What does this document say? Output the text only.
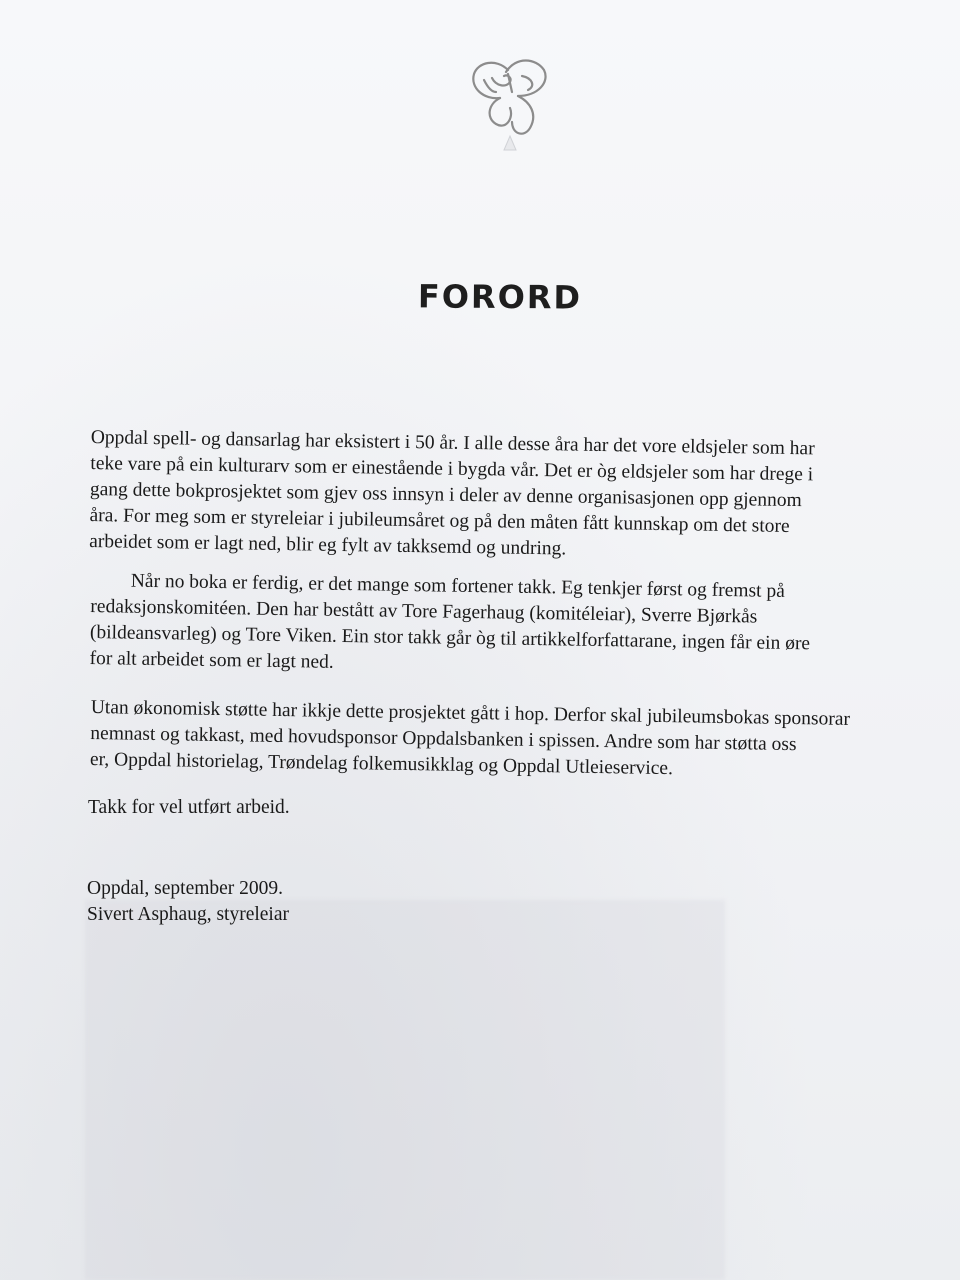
FORORD

Oppdal spell- og dansarlag har eksistert i 50 år. I alle desse åra har det vore eldsjeler som har

teke vare på ein kulturarv som er einestående i bygda vår. Det er òg eldsjeler som har drege i

gang dette bokprosjektet som gjev oss innsyn i deler av denne organisasjonen opp gjennom

åra. For meg som er styreleiar i jubileumsåret og på den måten fått kunnskap om det store

arbeidet som er lagt ned, blir eg fylt av takksemd og undring.

Når no boka er ferdig, er det mange som fortener takk. Eg tenkjer først og fremst på

redaksjonskomitéen. Den har bestått av Tore Fagerhaug (komitéleiar), Sverre Bjørkås

(bildeansvarleg) og Tore Viken. Ein stor takk går òg til artikkelforfattarane, ingen får ein øre

for alt arbeidet som er lagt ned.

Utan økonomisk støtte har ikkje dette prosjektet gått i hop. Derfor skal jubileumsbokas sponsorar

nemnast og takkast, med hovudsponsor Oppdalsbanken i spissen. Andre som har støtta oss

er, Oppdal historielag, Trøndelag folkemusikklag og Oppdal Utleieservice.

Takk for vel utført arbeid.

Oppdal, september 2009.

Sivert Asphaug, styreleiar
